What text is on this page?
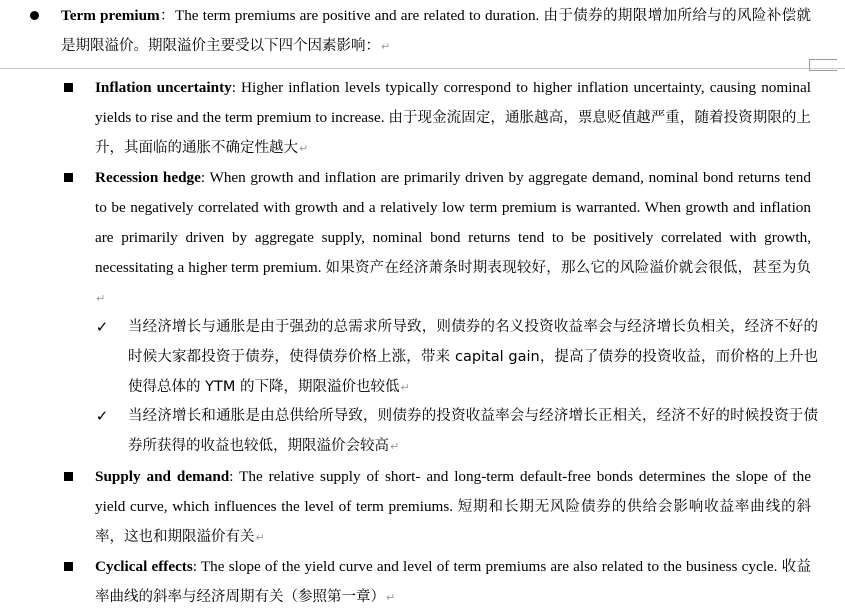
Term premium：The term premiums are positive and are related to duration. 由于债券的期限增加所给与的风险补偿就是期限溢价。期限溢价主要受以下四个因素影响：↵
Inflation uncertainty: Higher inflation levels typically correspond to higher inflation uncertainty, causing nominal yields to rise and the term premium to increase. 由于现金流固定，通胀越高，票息贬值越严重，随着投资期限的上升，其面临的通胀不确定性越大↵
Recession hedge: When growth and inflation are primarily driven by aggregate demand, nominal bond returns tend to be negatively correlated with growth and a relatively low term premium is warranted. When growth and inflation are primarily driven by aggregate supply, nominal bond returns tend to be positively correlated with growth, necessitating a higher term premium. 如果资产在经济萧条时期表现较好，那么它的风险溢价就会很低，甚至为负↵
✓ 当经济增长与通胀是由于强劲的总需求所导致，则债券的名义投资收益率会与经济增长负相关，经济不好的时候大家都投资于债券，使得债券价格上涨，带来 capital gain，提高了债券的投资收益，而价格的上升也使得总体的 YTM 的下降，期限溢价也较低↵
✓ 当经济增长和通胀是由总供给所导致，则债券的投资收益率会与经济增长正相关，经济不好的时候投资于债券所获得的收益也较低，期限溢价会较高↵
Supply and demand: The relative supply of short- and long-term default-free bonds determines the slope of the yield curve, which influences the level of term premiums. 短期和长期无风险债券的供给会影响收益率曲线的斜率，这也和期限溢价有关↵
Cyclical effects: The slope of the yield curve and level of term premiums are also related to the business cycle. 收益率曲线的斜率与经济周期有关（参照第一章）↵
